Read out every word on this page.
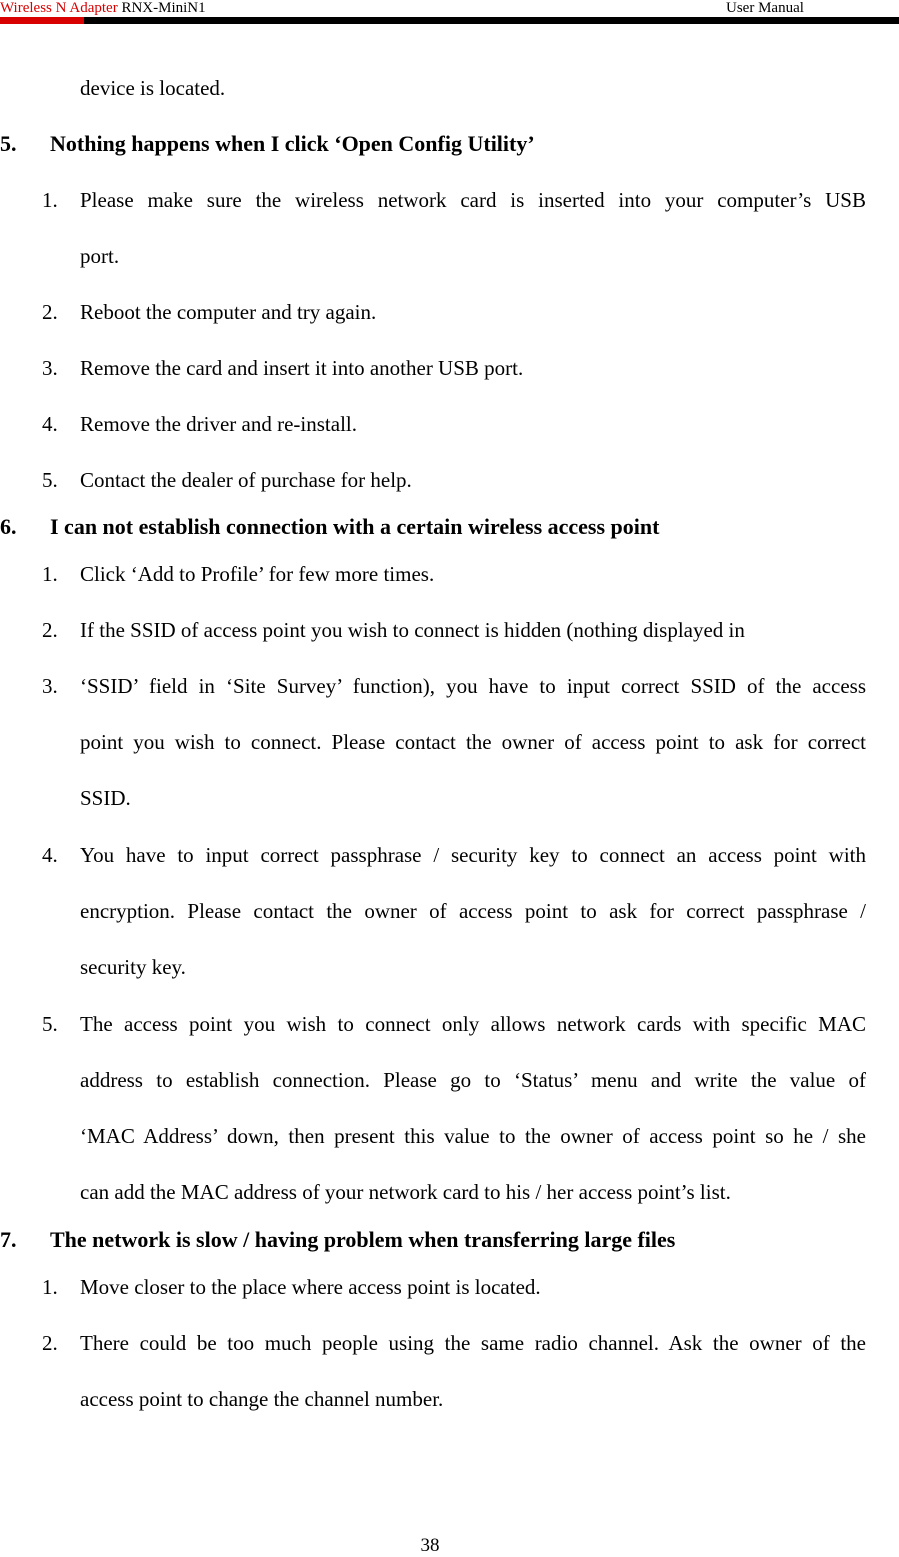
Wireless N Adapter RNX-MiniN1	User Manual
device is located.
5. Nothing happens when I click ‘Open Config Utility’
1. Please make sure the wireless network card is inserted into your computer’s USB
port.
2. Reboot the computer and try again.
3. Remove the card and insert it into another USB port.
4. Remove the driver and re-install.
5. Contact the dealer of purchase for help.
6. I can not establish connection with a certain wireless access point
1. Click ‘Add to Profile’ for few more times.
2. If the SSID of access point you wish to connect is hidden (nothing displayed in
3. ‘SSID’ field in ‘Site Survey’ function), you have to input correct SSID of the access
point you wish to connect. Please contact the owner of access point to ask for correct
SSID.
4. You have to input correct passphrase / security key to connect an access point with
encryption. Please contact the owner of access point to ask for correct passphrase /
security key.
5. The access point you wish to connect only allows network cards with specific MAC
address to establish connection. Please go to ‘Status’ menu and write the value of
‘MAC Address’ down, then present this value to the owner of access point so he / she
can add the MAC address of your network card to his / her access point’s list.
7. The network is slow / having problem when transferring large files
1. Move closer to the place where access point is located.
2. There could be too much people using the same radio channel. Ask the owner of the
access point to change the channel number.
38
